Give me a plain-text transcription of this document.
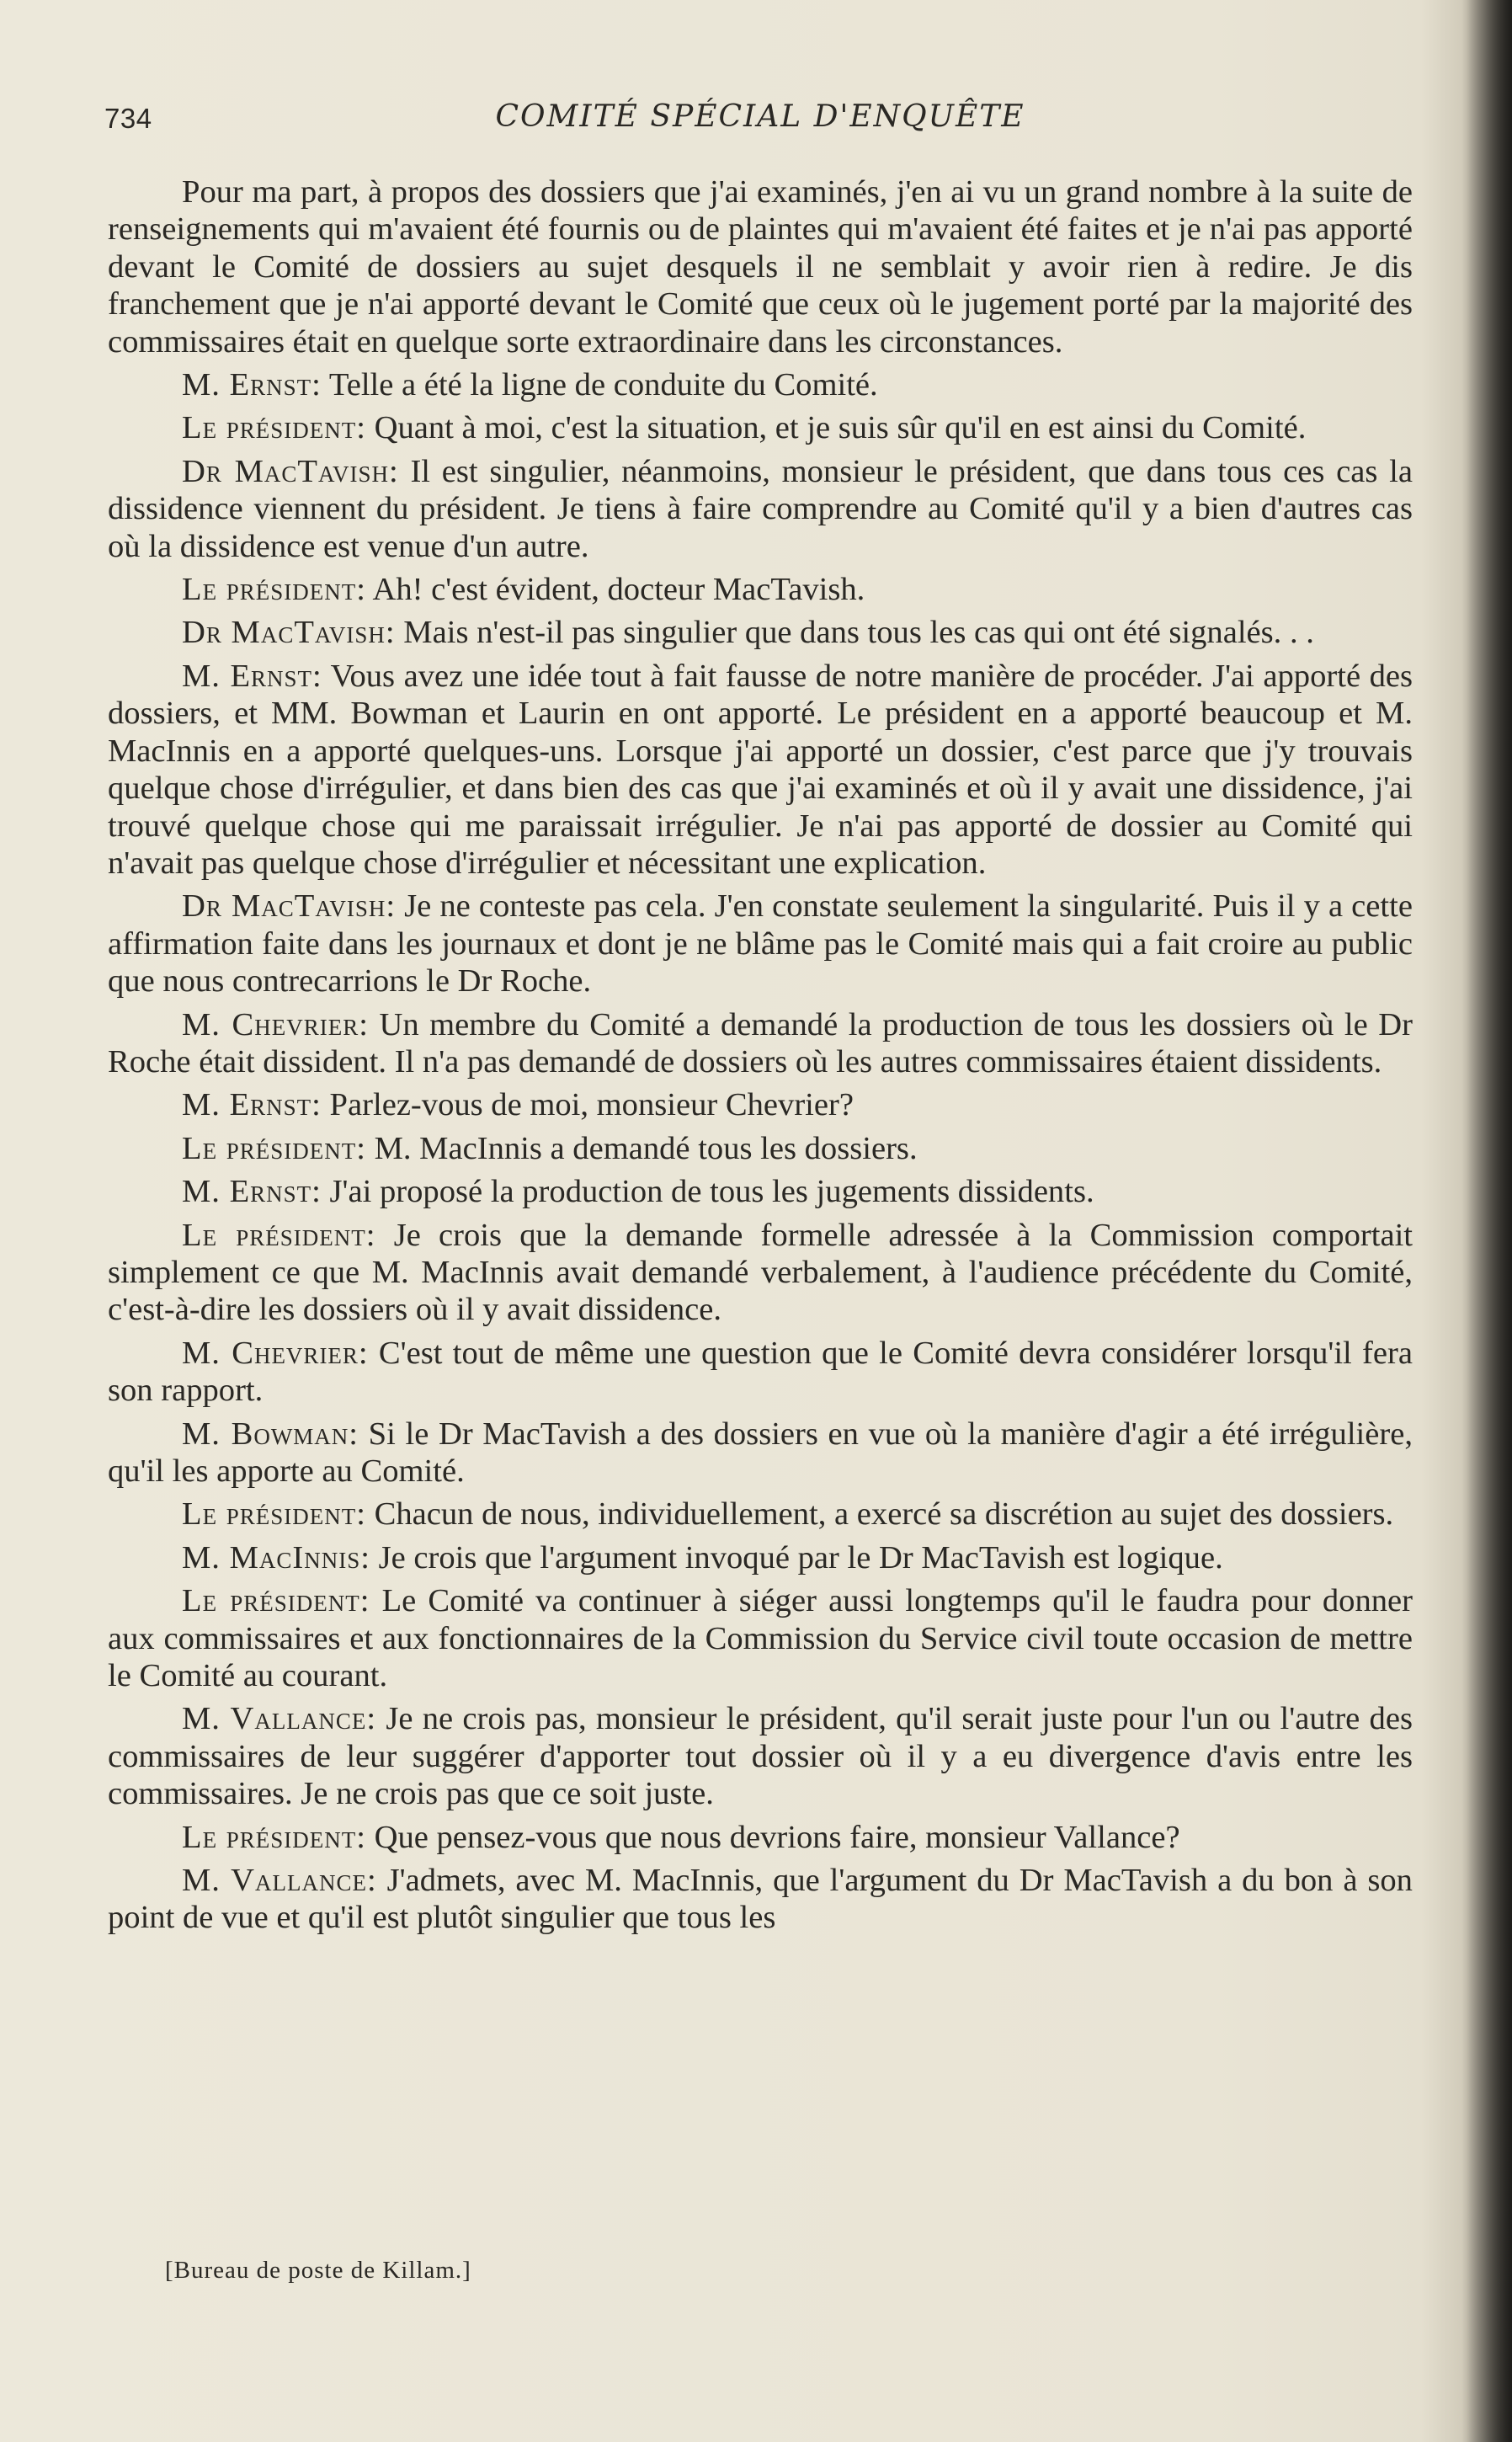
734	COMITÉ SPÉCIAL D'ENQUÊTE

Pour ma part, à propos des dossiers que j'ai examinés, j'en ai vu un grand nombre à la suite de renseignements qui m'avaient été fournis ou de plaintes qui m'avaient été faites et je n'ai pas apporté devant le Comité de dossiers au sujet desquels il ne semblait y avoir rien à redire. Je dis franchement que je n'ai apporté devant le Comité que ceux où le jugement porté par la majorité des commissaires était en quelque sorte extraordinaire dans les circonstances.

M. Ernst: Telle a été la ligne de conduite du Comité.

Le président: Quant à moi, c'est la situation, et je suis sûr qu'il en est ainsi du Comité.

Dr MacTavish: Il est singulier, néanmoins, monsieur le président, que dans tous ces cas la dissidence viennent du président. Je tiens à faire comprendre au Comité qu'il y a bien d'autres cas où la dissidence est venue d'un autre.

Le président: Ah! c'est évident, docteur MacTavish.

Dr MacTavish: Mais n'est-il pas singulier que dans tous les cas qui ont été signalés. . .

M. Ernst: Vous avez une idée tout à fait fausse de notre manière de procéder. J'ai apporté des dossiers, et MM. Bowman et Laurin en ont apporté. Le président en a apporté beaucoup et M. MacInnis en a apporté quelques-uns. Lorsque j'ai apporté un dossier, c'est parce que j'y trouvais quelque chose d'irrégulier, et dans bien des cas que j'ai examinés et où il y avait une dissidence, j'ai trouvé quelque chose qui me paraissait irrégulier. Je n'ai pas apporté de dossier au Comité qui n'avait pas quelque chose d'irrégulier et nécessitant une explication.

Dr MacTavish: Je ne conteste pas cela. J'en constate seulement la singularité. Puis il y a cette affirmation faite dans les journaux et dont je ne blâme pas le Comité mais qui a fait croire au public que nous contrecarrions le Dr Roche.

M. Chevrier: Un membre du Comité a demandé la production de tous les dossiers où le Dr Roche était dissident. Il n'a pas demandé de dossiers où les autres commissaires étaient dissidents.

M. Ernst: Parlez-vous de moi, monsieur Chevrier?

Le président: M. MacInnis a demandé tous les dossiers.

M. Ernst: J'ai proposé la production de tous les jugements dissidents.

Le président: Je crois que la demande formelle adressée à la Commission comportait simplement ce que M. MacInnis avait demandé verbalement, à l'audience précédente du Comité, c'est-à-dire les dossiers où il y avait dissidence.

M. Chevrier: C'est tout de même une question que le Comité devra considérer lorsqu'il fera son rapport.

M. Bowman: Si le Dr MacTavish a des dossiers en vue où la manière d'agir a été irrégulière, qu'il les apporte au Comité.

Le président: Chacun de nous, individuellement, a exercé sa discrétion au sujet des dossiers.

M. MacInnis: Je crois que l'argument invoqué par le Dr MacTavish est logique.

Le président: Le Comité va continuer à siéger aussi longtemps qu'il le faudra pour donner aux commissaires et aux fonctionnaires de la Commission du Service civil toute occasion de mettre le Comité au courant.

M. Vallance: Je ne crois pas, monsieur le président, qu'il serait juste pour l'un ou l'autre des commissaires de leur suggérer d'apporter tout dossier où il y a eu divergence d'avis entre les commissaires. Je ne crois pas que ce soit juste.

Le président: Que pensez-vous que nous devrions faire, monsieur Vallance?

M. Vallance: J'admets, avec M. MacInnis, que l'argument du Dr MacTavish a du bon à son point de vue et qu'il est plutôt singulier que tous les

[Bureau de poste de Killam.]
